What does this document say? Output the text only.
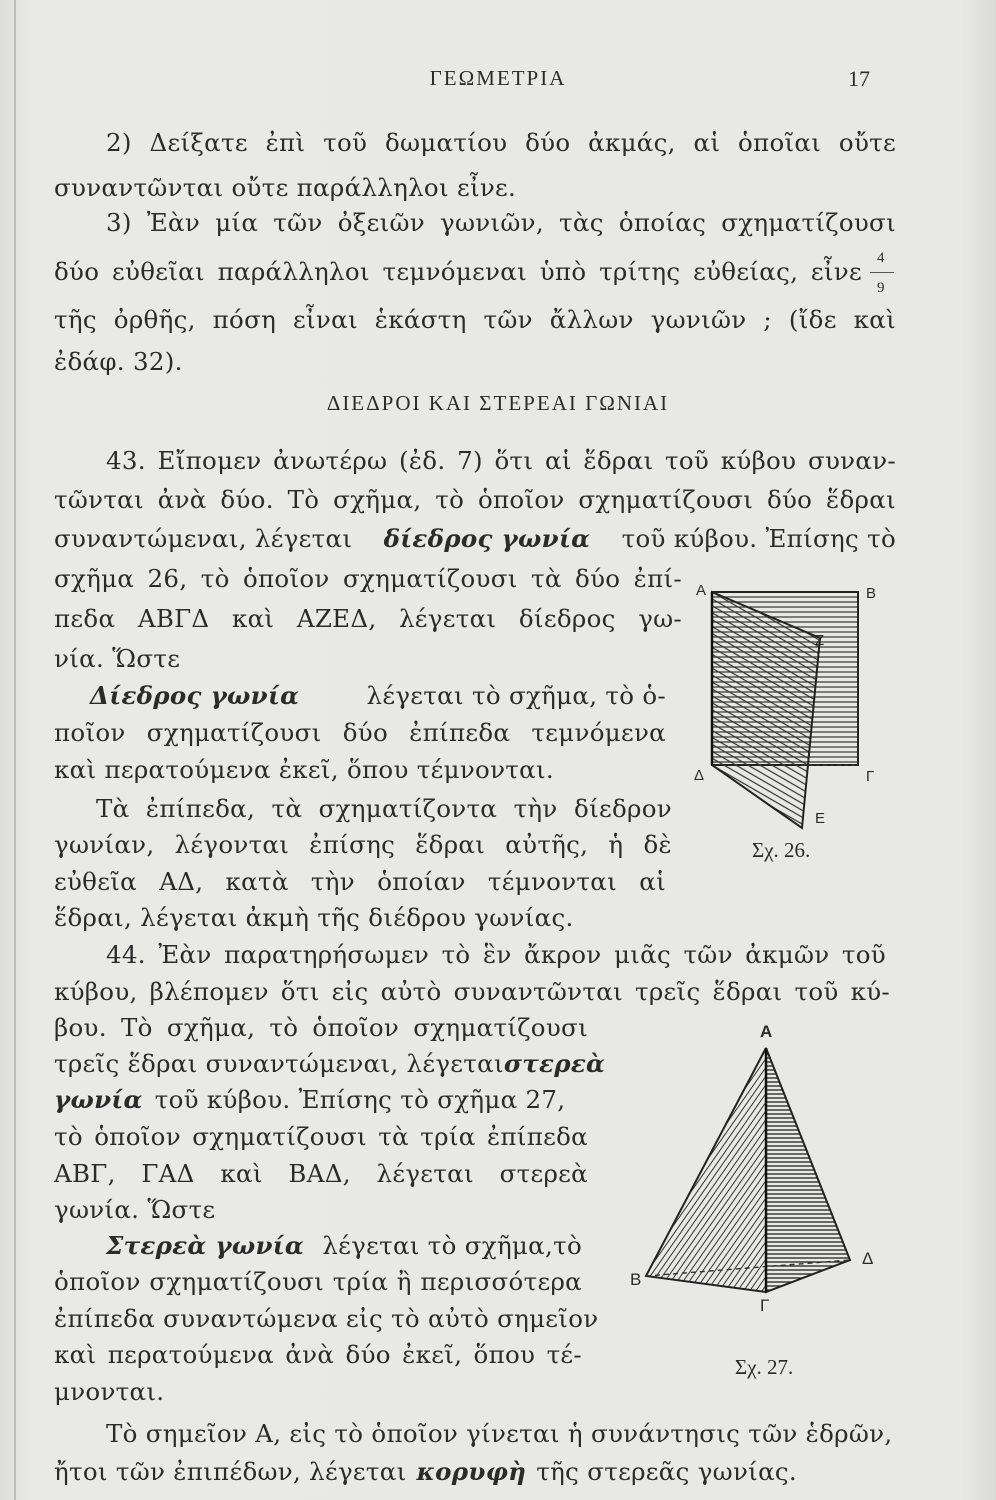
ΓΕΩΜΕΤΡΙΑ	17
2) Δείξατε ἐπὶ τοῦ δωματίου δύο ἀκμάς, αἱ ὁποῖαι οὔτε
συναντῶνται οὔτε παράλληλοι εἶνε.
3) Ἐὰν μία τῶν ὀξειῶν γωνιῶν, τὰς ὁποίας σχηματίζουσι
δύο εὐθεῖαι παράλληλοι τεμνόμεναι ὑπὸ τρίτης εὐθείας, εἶνε 4
9
τῆς ὀρθῆς, πόση εἶναι ἑκάστη τῶν ἄλλων γωνιῶν ; (ἴδε καὶ
ἐδάφ. 32).
ΔΙΕΔΡΟΙ ΚΑΙ ΣΤΕΡΕΑΙ ΓΩΝΙΑΙ
43. Εἴπομεν ἀνωτέρω (ἐδ. 7) ὅτι αἱ ἕδραι τοῦ κύβου συναν-
τῶνται ἀνὰ δύο. Τὸ σχῆμα, τὸ ὁποῖον σχηματίζουσι δύο ἕδραι
συναντώμεναι, λέγεται δίεδρος γωνία τοῦ κύβου. Ἐπίσης τὸ
σχῆμα 26, τὸ ὁποῖον σχηματίζουσι τὰ δύο ἐπί-
πεδα ΑΒΓΔ καὶ ΑΖΕΔ, λέγεται δίεδρος γω-
νία. Ὥστε
Δίεδρος γωνία	λέγεται τὸ σχῆμα, τὸ ὁ-
ποῖον σχηματίζουσι δύο ἐπίπεδα τεμνόμενα
καὶ περατούμενα ἐκεῖ, ὅπου τέμνονται.
Τὰ ἐπίπεδα, τὰ σχηματίζοντα τὴν δίεδρον
γωνίαν, λέγονται ἐπίσης ἕδραι αὐτῆς, ἡ δὲ
εὐθεῖα ΑΔ, κατὰ τὴν ὁποίαν τέμνονται αἱ
ἕδραι, λέγεται ἀκμὴ τῆς διέδρου γωνίας.
Α	Β
Ζ
Δ	Γ
Ε
Σχ. 26.
44. Ἐὰν παρατηρήσωμεν τὸ ἓν ἄκρον μιᾶς τῶν ἀκμῶν τοῦ
κύβου, βλέπομεν ὅτι εἰς αὐτὸ συναντῶνται τρεῖς ἕδραι τοῦ κύ-
βου. Τὸ σχῆμα, τὸ ὁποῖον σχηματίζουσι
τρεῖς ἕδραι συναντώμεναι, λέγεται στερεὰ
γωνία τοῦ κύβου. Ἐπίσης τὸ σχῆμα 27,
τὸ ὁποῖον σχηματίζουσι τὰ τρία ἐπίπεδα
ΑΒΓ, ΓΑΔ καὶ ΒΑΔ, λέγεται στερεὰ
γωνία. Ὥστε
Στερεὰ γωνία λέγεται τὸ σχῆμα,τὸ
ὁποῖον σχηματίζουσι τρία ἢ περισσότερα
ἐπίπεδα συναντώμενα εἰς τὸ αὐτὸ σημεῖον
καὶ περατούμενα ἀνὰ δύο ἐκεῖ, ὅπου τέ-
μνονται.
Τὸ σημεῖον Α, εἰς τὸ ὁποῖον γίνεται ἡ συνάντησις τῶν ἑδρῶν,
ἤτοι τῶν ἐπιπέδων, λέγεται κορυφὴ τῆς στερεᾶς γωνίας.
A
B
Δ
Γ
Σχ. 27.
